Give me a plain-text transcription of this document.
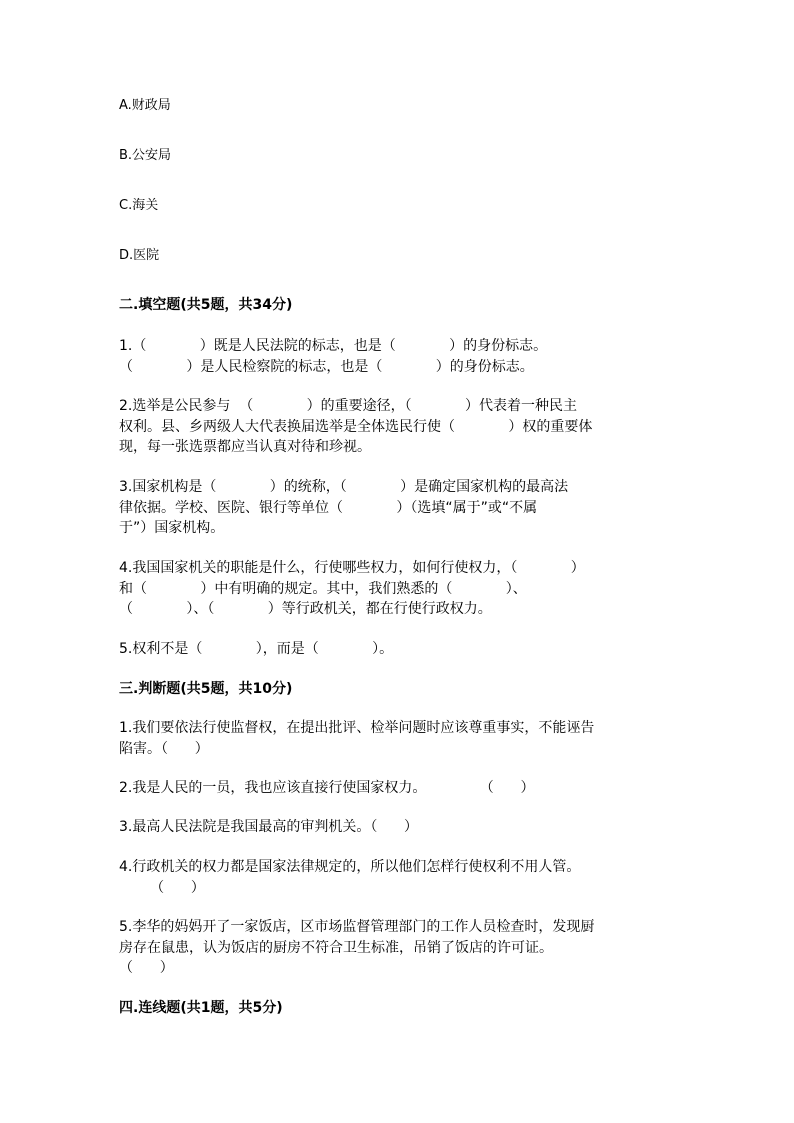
A.财政局
B.公安局
C.海关
D.医院
二.填空题(共5题，共34分)

1.（            ）既是人民法院的标志，也是（            ）的身份标志。

（            ）是人民检察院的标志，也是（            ）的身份标志。

2.选举是公民参与  （            ）的重要途径，（            ）代表着一种民主

权利。县、乡两级人大代表换届选举是全体选民行使（            ）权的重要体

现，每一张选票都应当认真对待和珍视。

3.国家机构是（            ）的统称，（            ）是确定国家机构的最高法

律依据。学校、医院、银行等单位（            ）（选填“属于”或“不属

于”）国家机构。

4.我国国家机关的职能是什么，行使哪些权力，如何行使权力，（            ）

和（            ）中有明确的规定。其中，我们熟悉的（            ）、

（            ）、（            ）等行政机关，都在行使行政权力。

5.权利不是（            ），而是（            ）。

三.判断题(共5题，共10分)

1.我们要依法行使监督权，在提出批评、检举问题时应该尊重事实，不能诬告

陷害。（      ）

2.我是人民的一员，我也应该直接行使国家权力。            （      ）

3.最高人民法院是我国最高的审判机关。（      ）

4.行政机关的权力都是国家法律规定的，所以他们怎样行使权利不用人管。

（      ）

5.李华的妈妈开了一家饭店，区市场监督管理部门的工作人员检查时，发现厨

房存在鼠患，认为饭店的厨房不符合卫生标准，吊销了饭店的许可证。

（      ）

四.连线题(共1题，共5分)
